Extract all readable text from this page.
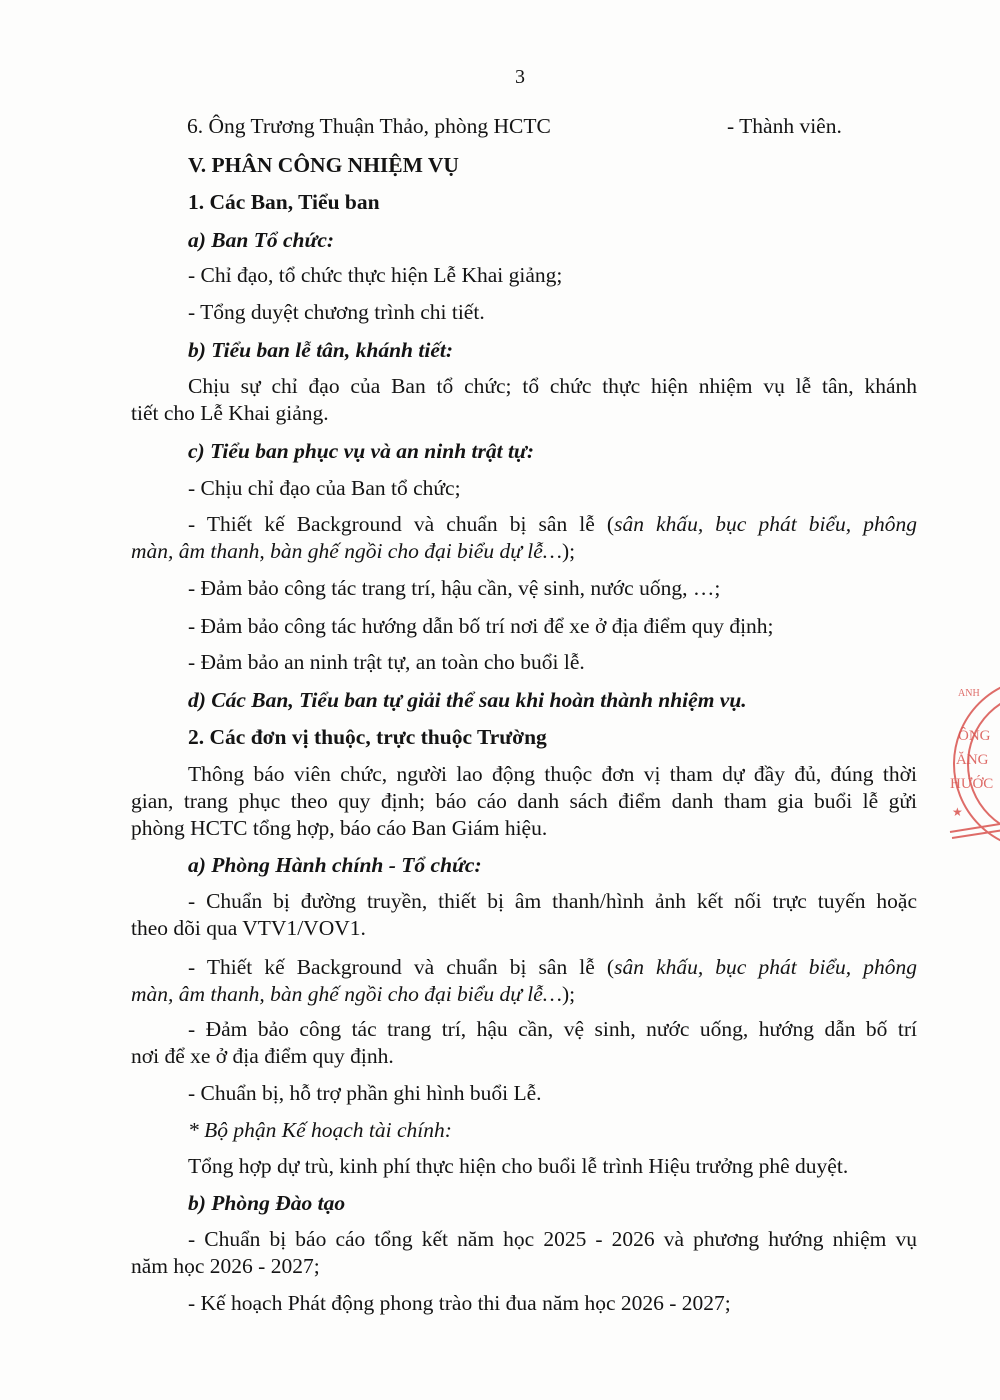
3
6. Ông Trương Thuận Thảo, phòng HCTC	- Thành viên.
V. PHÂN CÔNG NHIỆM VỤ
1. Các Ban, Tiểu ban
a) Ban Tổ chức:
- Chỉ đạo, tổ chức thực hiện Lễ Khai giảng;
- Tổng duyệt chương trình chi tiết.
b) Tiểu ban lễ tân, khánh tiết:
Chịu sự chỉ đạo của Ban tổ chức; tổ chức thực hiện nhiệm vụ lễ tân, khánh
tiết cho Lễ Khai giảng.
c) Tiểu ban phục vụ và an ninh trật tự:
- Chịu chỉ đạo của Ban tổ chức;
- Thiết kế Background và chuẩn bị sân lễ (sân khấu, bục phát biểu, phông
màn, âm thanh, bàn ghế ngồi cho đại biểu dự lễ…);
- Đảm bảo công tác trang trí, hậu cần, vệ sinh, nước uống, …;
- Đảm bảo công tác hướng dẫn bố trí nơi để xe ở địa điểm quy định;
- Đảm bảo an ninh trật tự, an toàn cho buổi lễ.
d) Các Ban, Tiểu ban tự giải thể sau khi hoàn thành nhiệm vụ.
2. Các đơn vị thuộc, trực thuộc Trường
Thông báo viên chức, người lao động thuộc đơn vị tham dự đầy đủ, đúng thời
gian, trang phục theo quy định; báo cáo danh sách điểm danh tham gia buổi lễ gửi
phòng HCTC tổng hợp, báo cáo Ban Giám hiệu.
a) Phòng Hành chính - Tổ chức:
- Chuẩn bị đường truyền, thiết bị âm thanh/hình ảnh kết nối trực tuyến hoặc
theo dõi qua VTV1/VOV1.
- Thiết kế Background và chuẩn bị sân lễ (sân khấu, bục phát biểu, phông
màn, âm thanh, bàn ghế ngồi cho đại biểu dự lễ…);
- Đảm bảo công tác trang trí, hậu cần, vệ sinh, nước uống, hướng dẫn bố trí
nơi để xe ở địa điểm quy định.
- Chuẩn bị, hỗ trợ phần ghi hình buổi Lễ.
* Bộ phận Kế hoạch tài chính:
Tổng hợp dự trù, kinh phí thực hiện cho buổi lễ trình Hiệu trưởng phê duyệt.
b) Phòng Đào tạo
- Chuẩn bị báo cáo tổng kết năm học 2025 - 2026 và phương hướng nhiệm vụ
năm học 2026 - 2027;
- Kế hoạch Phát động phong trào thi đua năm học 2026 - 2027;
ANH
ÔNG
ĂNG
HƯỚC
★
